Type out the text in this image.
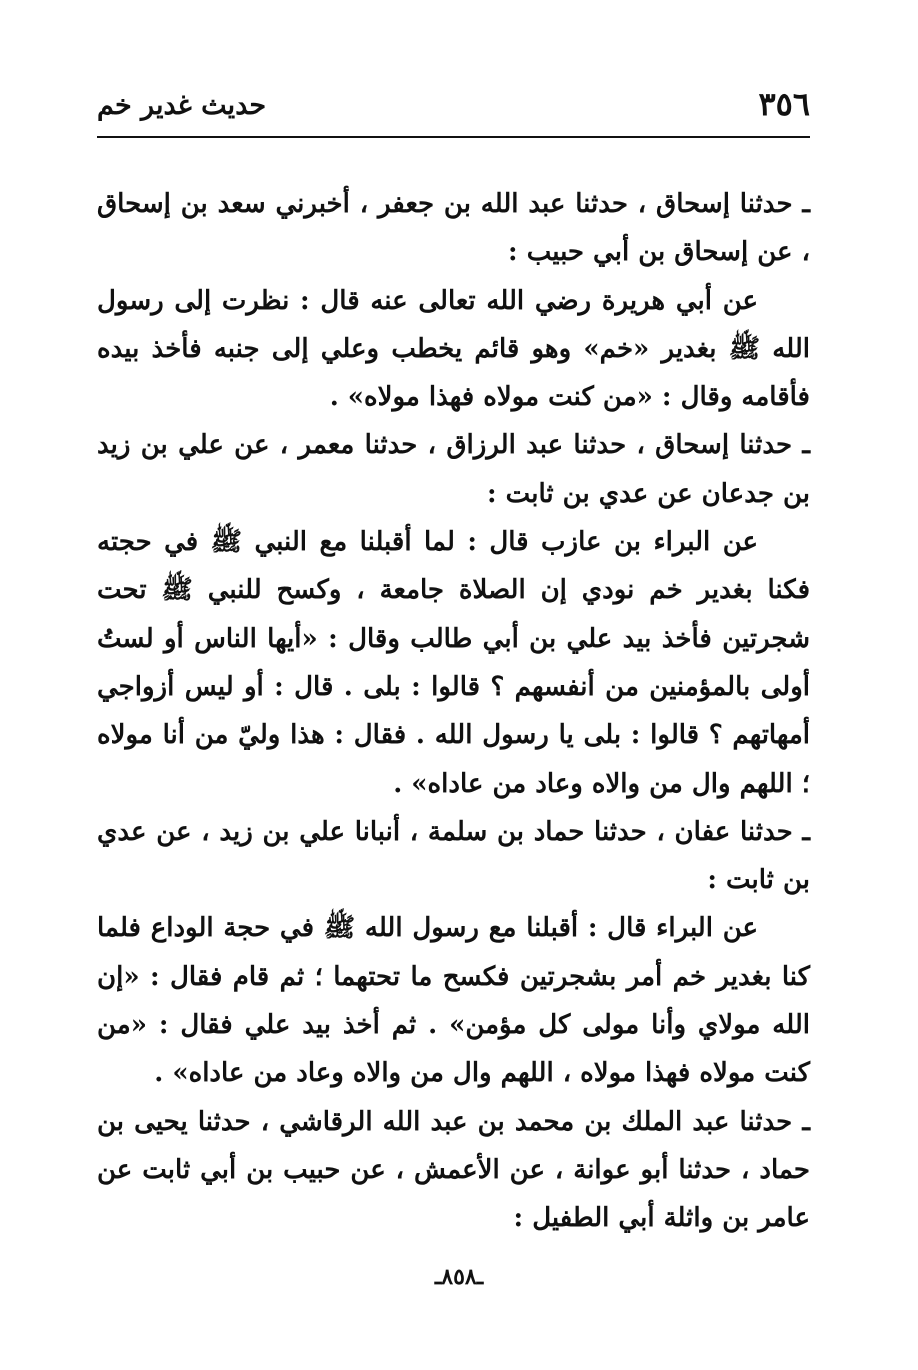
٣٥٦
حديث غدير خم

ـ حدثنا إسحاق ، حدثنا عبد الله بن جعفر ، أخبرني سعد بن إسحاق ، عن إسحاق بن أبي حبيب :

عن أبي هريرة رضي الله تعالى عنه قال : نظرت إلى رسول الله ﷺ بغدير «خم» وهو قائم يخطب وعلي إلى جنبه فأخذ بيده فأقامه وقال : «من كنت مولاه فهذا مولاه» .

ـ حدثنا إسحاق ، حدثنا عبد الرزاق ، حدثنا معمر ، عن علي بن زيد بن جدعان عن عدي بن ثابت :

عن البراء بن عازب قال : لما أقبلنا مع النبي ﷺ في حجته فكنا بغدير خم نودي إن الصلاة جامعة ، وكسح للنبي ﷺ تحت شجرتين فأخذ بيد علي بن أبي طالب وقال : «أيها الناس أو لستُ أولى بالمؤمنين من أنفسهم ؟ قالوا : بلى . قال : أو ليس أزواجي أمهاتهم ؟ قالوا : بلى يا رسول الله . فقال : هذا وليّ من أنا مولاه ؛ اللهم وال من والاه وعاد من عاداه» .

ـ حدثنا عفان ، حدثنا حماد بن سلمة ، أنبانا علي بن زيد ، عن عدي بن ثابت :

عن البراء قال : أقبلنا مع رسول الله ﷺ في حجة الوداع فلما كنا بغدير خم أمر بشجرتين فكسح ما تحتهما ؛ ثم قام فقال : «إن الله مولاي وأنا مولى كل مؤمن» . ثم أخذ بيد علي فقال : «من كنت مولاه فهذا مولاه ، اللهم وال من والاه وعاد من عاداه» .

ـ حدثنا عبد الملك بن محمد بن عبد الله الرقاشي ، حدثنا يحيى بن حماد ، حدثنا أبو عوانة ، عن الأعمش ، عن حبيب بن أبي ثابت عن عامر بن واثلة أبي الطفيل :

ـ٨٥٨ـ
